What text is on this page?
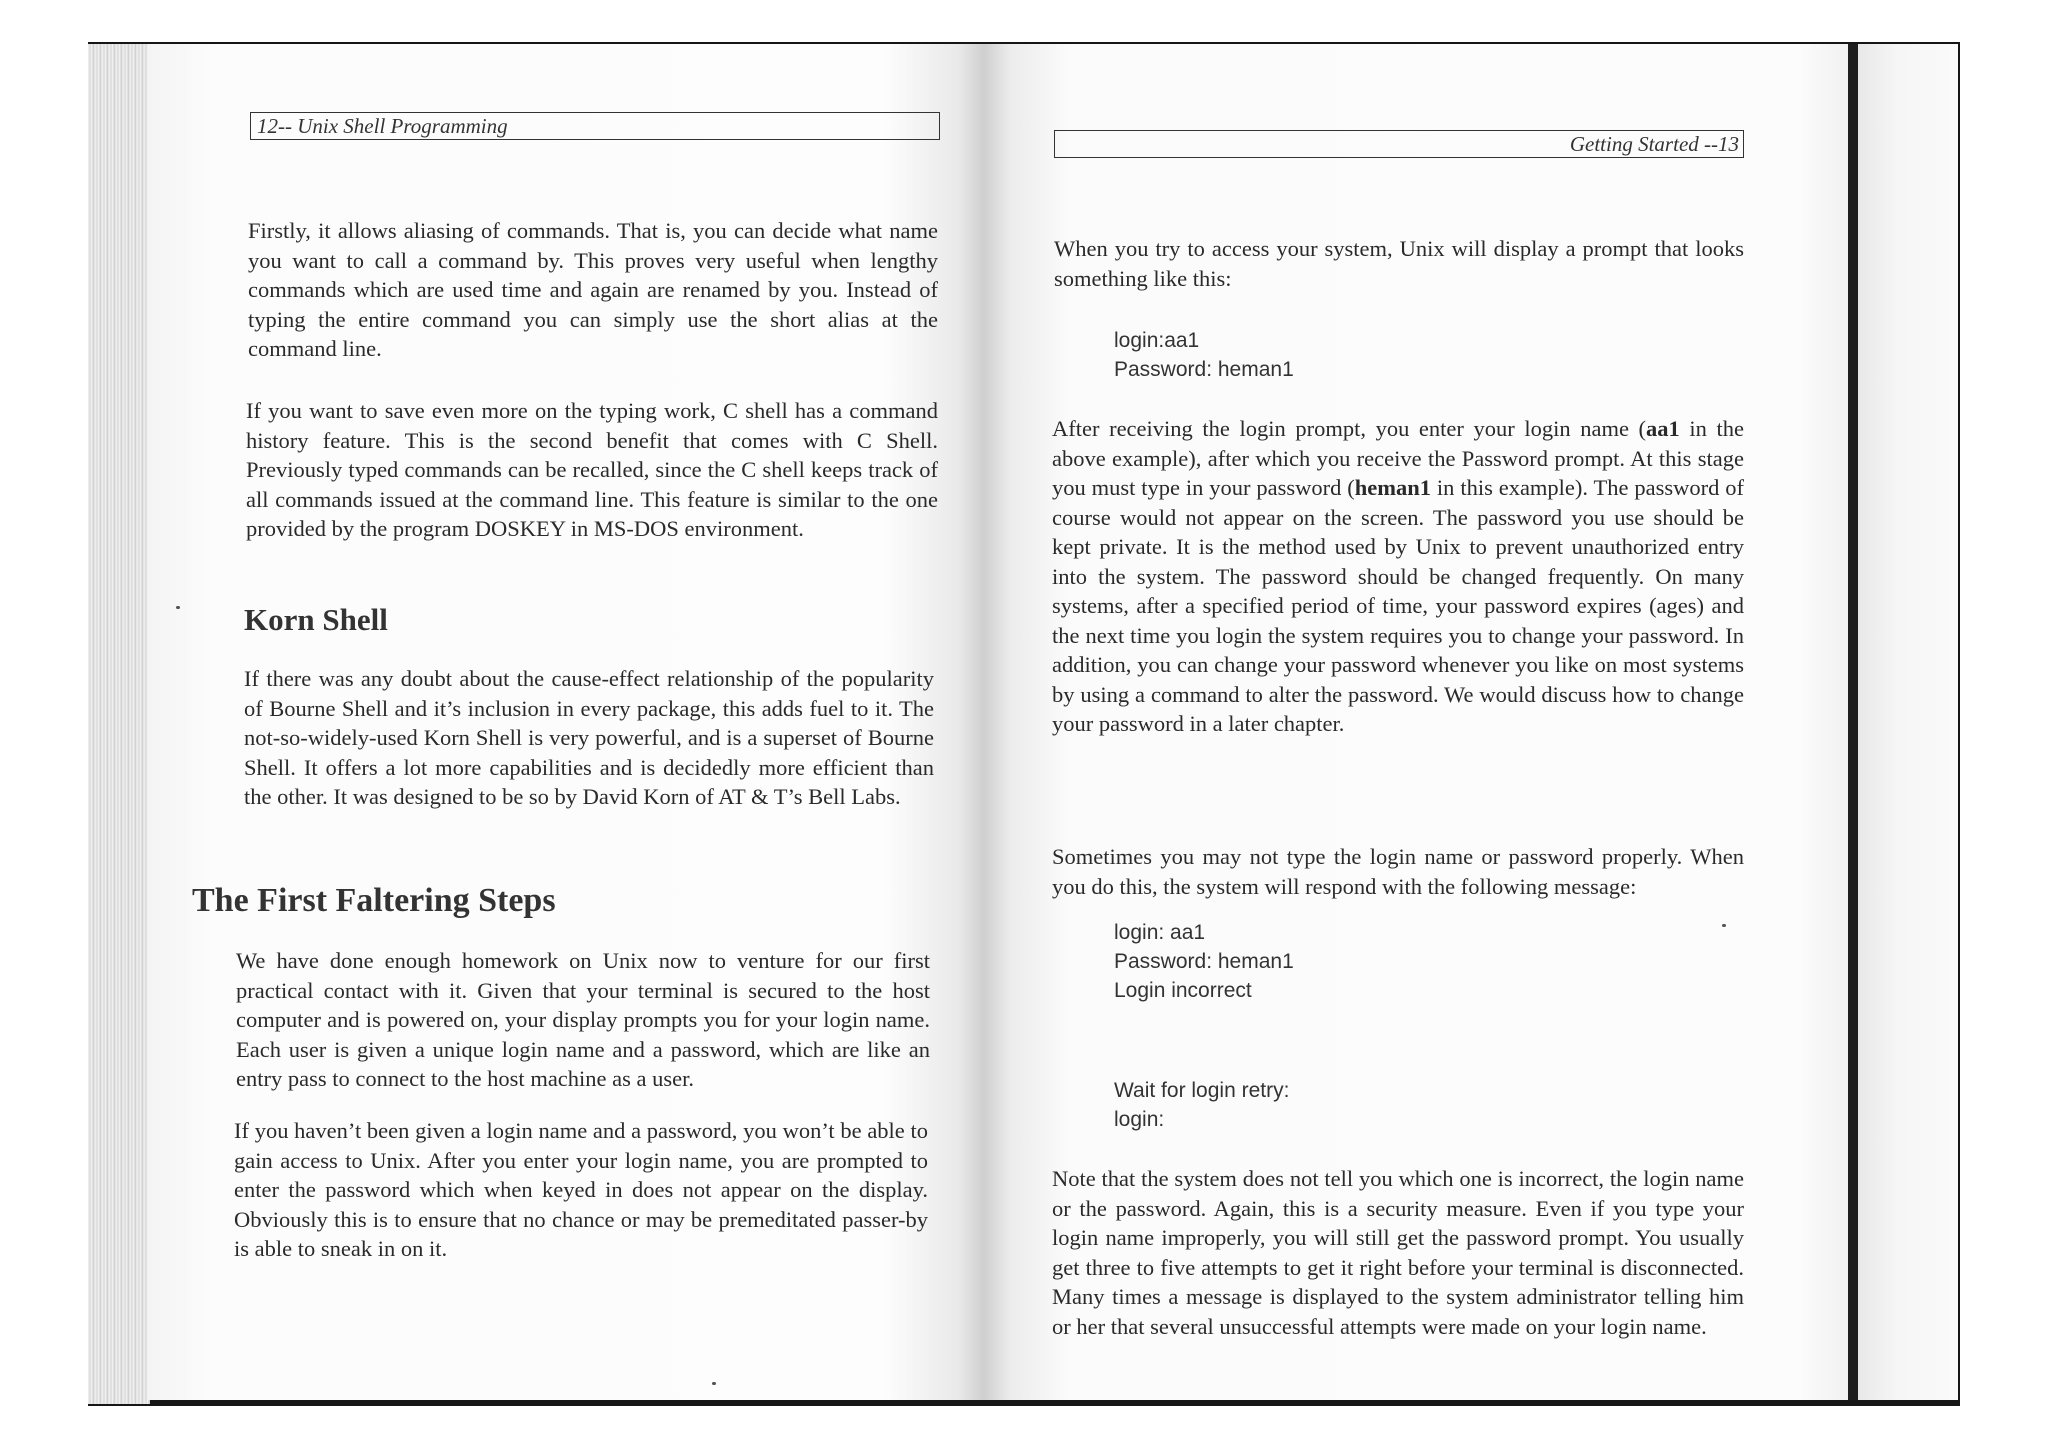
12-- Unix Shell Programming

Firstly, it allows aliasing of commands. That is, you can decide what name you want to call a command by. This proves very useful when lengthy commands which are used time and again are renamed by you. Instead of typing the entire command you can simply use the short alias at the command line.

If you want to save even more on the typing work, C shell has a command history feature. This is the second benefit that comes with C Shell. Previously typed commands can be recalled, since the C shell keeps track of all commands issued at the command line. This feature is similar to the one provided by the program DOSKEY in MS-DOS environment.

Korn Shell

If there was any doubt about the cause-effect relationship of the popularity of Bourne Shell and it’s inclusion in every package, this adds fuel to it. The not-so-widely-used Korn Shell is very powerful, and is a superset of Bourne Shell. It offers a lot more capabilities and is decidedly more efficient than the other. It was designed to be so by David Korn of AT & T’s Bell Labs.

The First Faltering Steps

We have done enough homework on Unix now to venture for our first practical contact with it. Given that your terminal is secured to the host computer and is powered on, your display prompts you for your login name. Each user is given a unique login name and a password, which are like an entry pass to connect to the host machine as a user.

If you haven’t been given a login name and a password, you won’t be able to gain access to Unix. After you enter your login name, you are prompted to enter the password which when keyed in does not appear on the display. Obviously this is to ensure that no chance or may be premeditated passer-by is able to sneak in on it.

Getting Started --13

When you try to access your system, Unix will display a prompt that looks something like this:

login:aa1
Password: heman1

After receiving the login prompt, you enter your login name (aa1 in the above example), after which you receive the Password prompt. At this stage you must type in your password (heman1 in this example). The password of course would not appear on the screen. The password you use should be kept private. It is the method used by Unix to prevent unauthorized entry into the system. The password should be changed frequently. On many systems, after a specified period of time, your password expires (ages) and the next time you login the system requires you to change your password. In addition, you can change your password whenever you like on most systems by using a command to alter the password. We would discuss how to change your password in a later chapter.

Sometimes you may not type the login name or password properly. When you do this, the system will respond with the following message:

login: aa1
Password: heman1
Login incorrect
Wait for login retry:
login:

Note that the system does not tell you which one is incorrect, the login name or the password. Again, this is a security measure. Even if you type your login name improperly, you will still get the password prompt. You usually get three to five attempts to get it right before your terminal is disconnected. Many times a message is displayed to the system administrator telling him or her that several unsuccessful attempts were made on your login name.
